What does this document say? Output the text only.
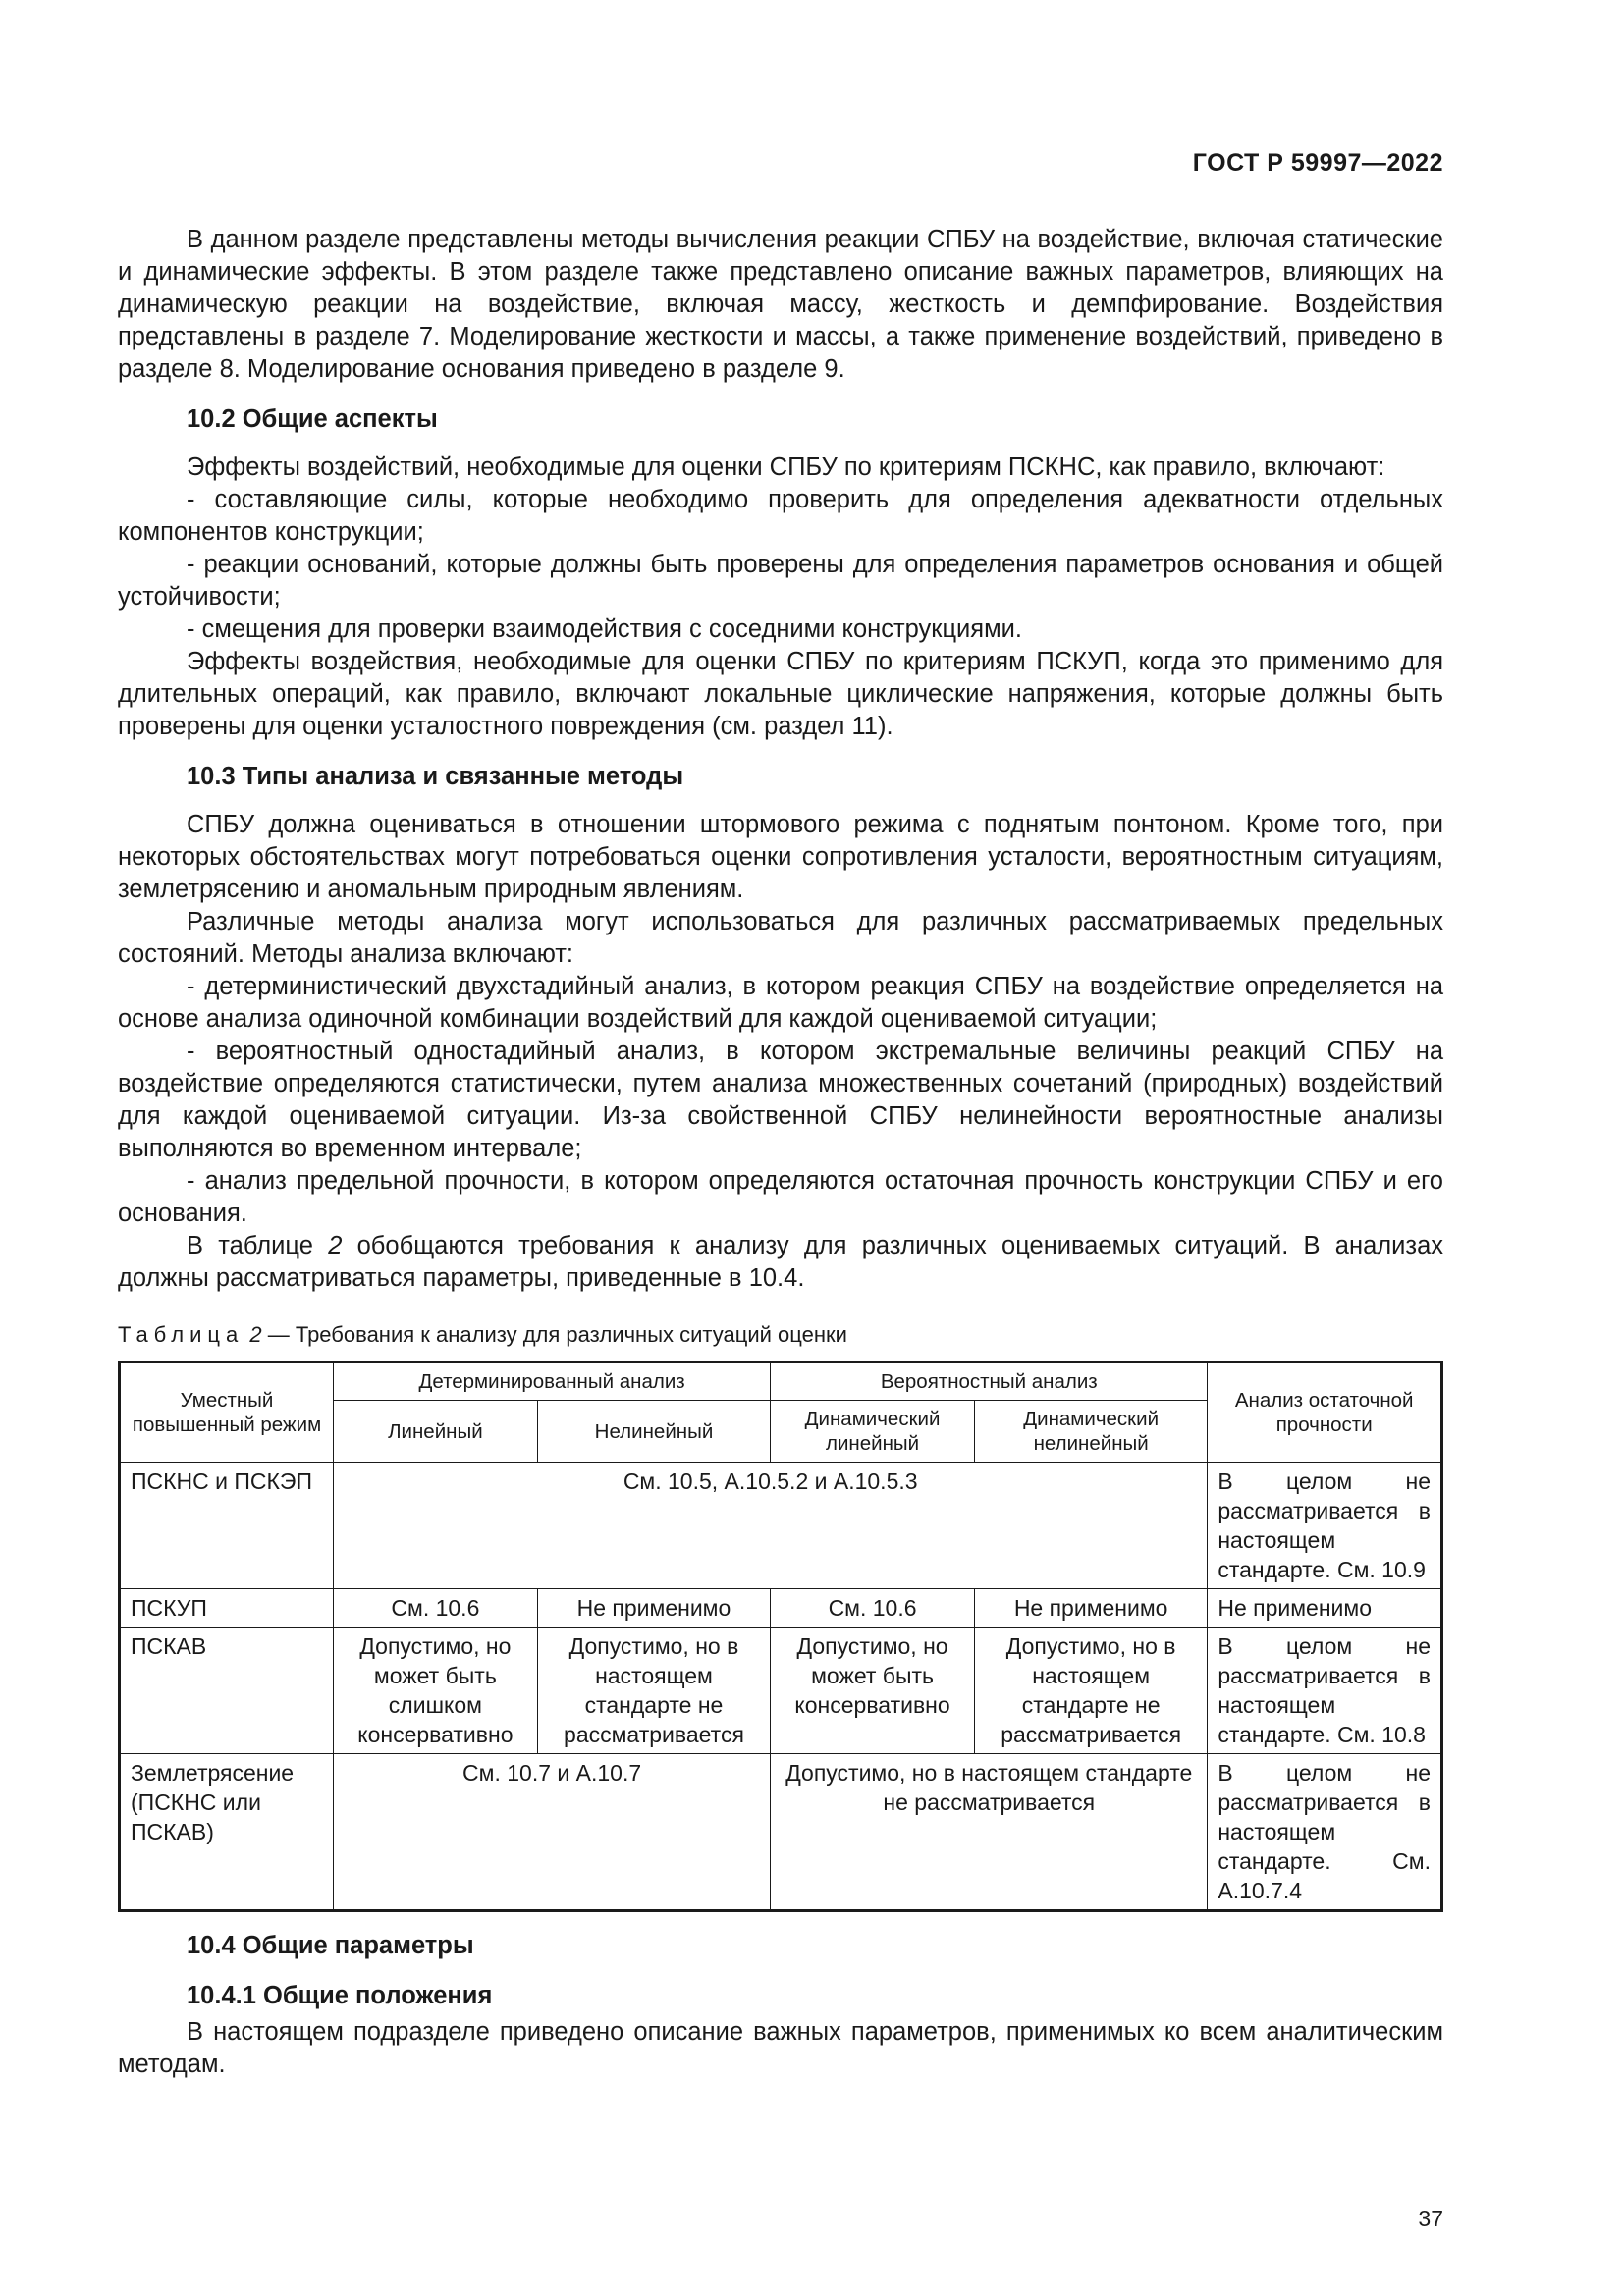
ГОСТ Р 59997—2022

В данном разделе представлены методы вычисления реакции СПБУ на воздействие, включая статические и динамические эффекты. В этом разделе также представлено описание важных параметров, влияющих на динамическую реакции на воздействие, включая массу, жесткость и демпфирование. Воздействия представлены в разделе 7. Моделирование жесткости и массы, а также применение воздействий, приведено в разделе 8. Моделирование основания приведено в разделе 9.

10.2 Общие аспекты

Эффекты воздействий, необходимые для оценки СПБУ по критериям ПСКНС, как правило, включают:

- составляющие силы, которые необходимо проверить для определения адекватности отдельных компонентов конструкции;

- реакции оснований, которые должны быть проверены для определения параметров основания и общей устойчивости;

- смещения для проверки взаимодействия с соседними конструкциями.

Эффекты воздействия, необходимые для оценки СПБУ по критериям ПСКУП, когда это применимо для длительных операций, как правило, включают локальные циклические напряжения, которые должны быть проверены для оценки усталостного повреждения (см. раздел 11).

10.3 Типы анализа и связанные методы

СПБУ должна оцениваться в отношении штормового режима с поднятым понтоном. Кроме того, при некоторых обстоятельствах могут потребоваться оценки сопротивления усталости, вероятностным ситуациям, землетрясению и аномальным природным явлениям.

Различные методы анализа могут использоваться для различных рассматриваемых предельных состояний. Методы анализа включают:

- детерминистический двухстадийный анализ, в котором реакция СПБУ на воздействие определяется на основе анализа одиночной комбинации воздействий для каждой оцениваемой ситуации;

- вероятностный одностадийный анализ, в котором экстремальные величины реакций СПБУ на воздействие определяются статистически, путем анализа множественных сочетаний (природных) воздействий для каждой оцениваемой ситуации. Из-за свойственной СПБУ нелинейности вероятностные анализы выполняются во временном интервале;

- анализ предельной прочности, в котором определяются остаточная прочность конструкции СПБУ и его основания.

В таблице 2 обобщаются требования к анализу для различных оцениваемых ситуаций. В анализах должны рассматриваться параметры, приведенные в 10.4.

Таблица 2 — Требования к анализу для различных ситуаций оценки
Уместный повышенный режим	Детерминированный анализ		Вероятностный анализ		Анализ остаточной прочности
	Линейный	Нелинейный	Динамический линейный	Динамический нелинейный	
ПСКНС и ПСКЭП	См. 10.5, А.10.5.2 и А.10.5.3				В целом не рассматривается в настоящем стандарте. См. 10.9
ПСКУП	См. 10.6	Не применимо	См. 10.6	Не применимо	Не применимо
ПСКАВ	Допустимо, но может быть слишком консервативно	Допустимо, но в настоящем стандарте не рассматривается	Допустимо, но может быть консервативно	Допустимо, но в настоящем стандарте не рассматривается	В целом не рассматривается в настоящем стандарте. См. 10.8
Землетрясение (ПСКНС или ПСКАВ)	См. 10.7 и А.10.7		Допустимо, но в настоящем стандарте не рассматривается		В целом не рассматривается в настоящем стандарте. См. А.10.7.4
10.4 Общие параметры
10.4.1 Общие положения

В настоящем подразделе приведено описание важных параметров, применимых ко всем аналитическим методам.

37
